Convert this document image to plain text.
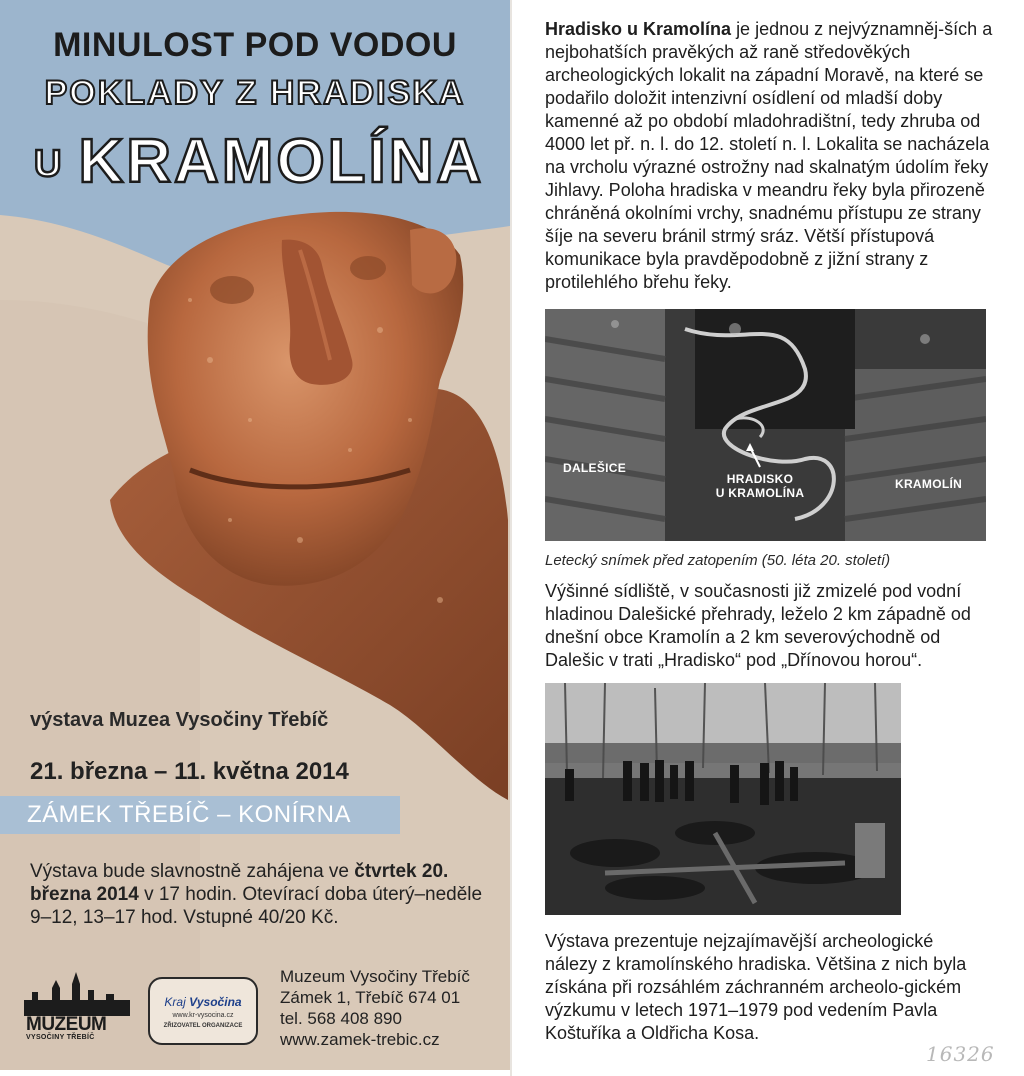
MINULOST POD VODOU
POKLADY Z HRADISKA
U KRAMOLÍNA
výstava Muzea Vysočiny Třebíč
21. března – 11. května 2014
ZÁMEK TŘEBÍČ – KONÍRNA
Výstava bude slavnostně zahájena ve čtvrtek 20. března 2014 v 17 hodin. Otevírací doba úterý–neděle 9–12, 13–17 hod. Vstupné 40/20 Kč.
MUZEUM
VYSOČINY TŘEBÍČ
Kraj Vysočina
www.kr-vysocina.cz
ZŘIZOVATEL ORGANIZACE
Muzeum Vysočiny Třebíč
Zámek 1, Třebíč 674 01
tel. 568 408 890
www.zamek-trebic.cz
Hradisko u Kramolína je jednou z nejvýznamněj-ších a nejbohatších pravěkých až raně středověkých archeologických lokalit na západní Moravě, na které se podařilo doložit intenzivní osídlení od mladší doby kamenné až po období mladohradištní, tedy zhruba od 4000 let př. n. l. do 12. století n. l. Lokalita se nacházela na vrcholu výrazné ostrožny nad skalnatým údolím řeky Jihlavy. Poloha hradiska v meandru řeky byla přirozeně chráněná okolními vrchy, snadnému přístupu ze strany šíje na severu bránil strmý sráz. Větší přístupová komunikace byla pravděpodobně z jižní strany z protilehlého břehu řeky.
DALEŠICE
HRADISKO
U KRAMOLÍNA
KRAMOLÍN
Letecký snímek před zatopením (50. léta 20. století)
Výšinné sídliště, v současnosti již zmizelé pod vodní hladinou Dalešické přehrady, leželo 2 km západně od dnešní obce Kramolín a 2 km severovýchodně od Dalešic v trati „Hradisko“ pod „Dřínovou horou“.
Výstava prezentuje nejzajímavější archeologické nálezy z kramolínského hradiska. Většina z nich byla získána při rozsáhlém záchranném archeolo-gickém výzkumu v letech 1971–1979 pod vedením Pavla Koštuříka a Oldřicha Kosa.
16326
